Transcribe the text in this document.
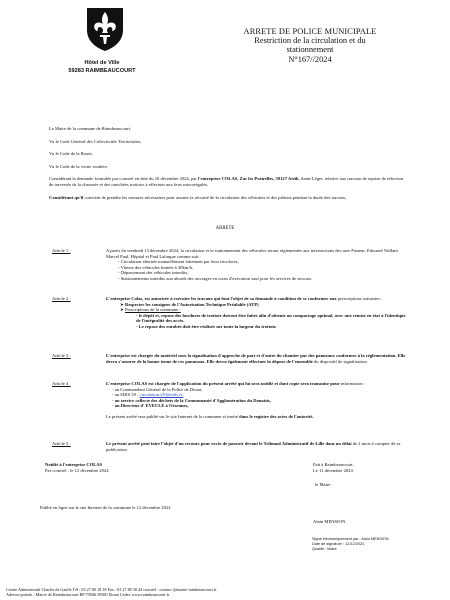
Hôtel de Ville
59283 RAIMBEAUCOURT
ARRETE DE POLICE MUNICIPALE
Restriction de la circulation et du
stationnement
N°167//2024

Le Maire de la commune de Raimbeaucourt,

Vu le Code Général des Collectivités Territoriales,

Vu le Code de la Route,

Vu le Code de la voirie routière,

Considérant la demande formulée par courriel en date du 10 décembre 2024, par l'entreprise COLAS, Zac les Prairelles, 59127 Arith, Saint-Léger, relative aux travaux de reprise de réfection de traversée de la chaussée et des tranchées trottoirs à effectuer aux feux microrégulés,

Considérant qu'il convient de prendre les mesures nécessaires pour assurer la sécurité de la circulation des véhicules et des piétons pendant la durée des travaux,

ARRETE
Article 1 :	A partir du vendredi 13 décembre 2024, la circulation et le stationnement des véhicules seront réglementés aux intersections des rues Pasteur, Edouard Vaillant Marcel Paul, Hôpital et Paul Lafargue comme suit :
- Circulation alternée manuellement faitement par feux tricolores,
- Vitesse des véhicules limitée à 30km/h,
- Dépassement des véhicules interdits,
- Stationnements interdits aux abords des ouvrages en cours d'exécution sauf pour les services de secours.
Article 2 :	L'entreprise Colas, est autorisée à exécuter les travaux qui font l'objet de sa demande à condition de se conformer aux prescriptions suivantes :
➤ Respecter les consignes de l'Autorisation Technique Préalable (ATP)
➤ Prescriptions de la commune :
- le dépôt et, repose des bordures de trottoir doivent être faites afin d'obtenir un compactage optimal, avec une remise en état à l'identique de l'intégralité des accès.
- Le repose des enrobés doit être réalisée sur toute la largeur du trottoir.
Article 3 :	L'entreprise est chargée du matériel sous la signalisation d'approche de part et d'autre du chantier par des panneaux conformes à la réglementation. Elle devra s'assurer de la bonne tenue de ces panneaux. Elle devra également effectuer la dépose de l'ensemble du dispositif de signalisation.
Article 4 :	L'entreprise COLAS est chargée de l'application du présent arrêté qui lui sera notifié et dont copie sera transmise pour information :
- au Commandant Général de la Police de Douai,
- au SDIS 59 : circulation.s59@sdis.fr,
- au service collecte des déchets de la Communauté d'Agglomération du Douaisis,
- au Directeur d' EVECLE à Orsennes,
Le présent arrêté sera publié sur le site Internet de la commune et inséré dans le registre des actes de l'autorité.
Article 5 :	Le présent arrêté peut faire l'objet d'un recours pour excès de pouvoir devant le Tribunal Administratif de Lille dans un délai de 2 mois à compter de sa publication.
Notifié à l'entreprise COLAS
Par courriel : le 12 décembre 2024
Fait à Raimbeaucourt,
Le 11 décembre 2024
le Maire
Publié en ligne sur le site Internet de la commune le 12 décembre 2024
Alain MENSION
Signé électroniquement par : Alain MENSION
Date de signature : 12/12/2024
Qualité : Maire
Centre Administratif Charles de Gaulle Tél : 03 27 80 18 18 Fax : 03 27 80 30 42 courriel : contact @mairie-raimbeaucourt.fr
Adresse postale : Mairie de Raimbeaucourt BP 70946 59500 Douai Cedex www.raimbeaucourt.fr
